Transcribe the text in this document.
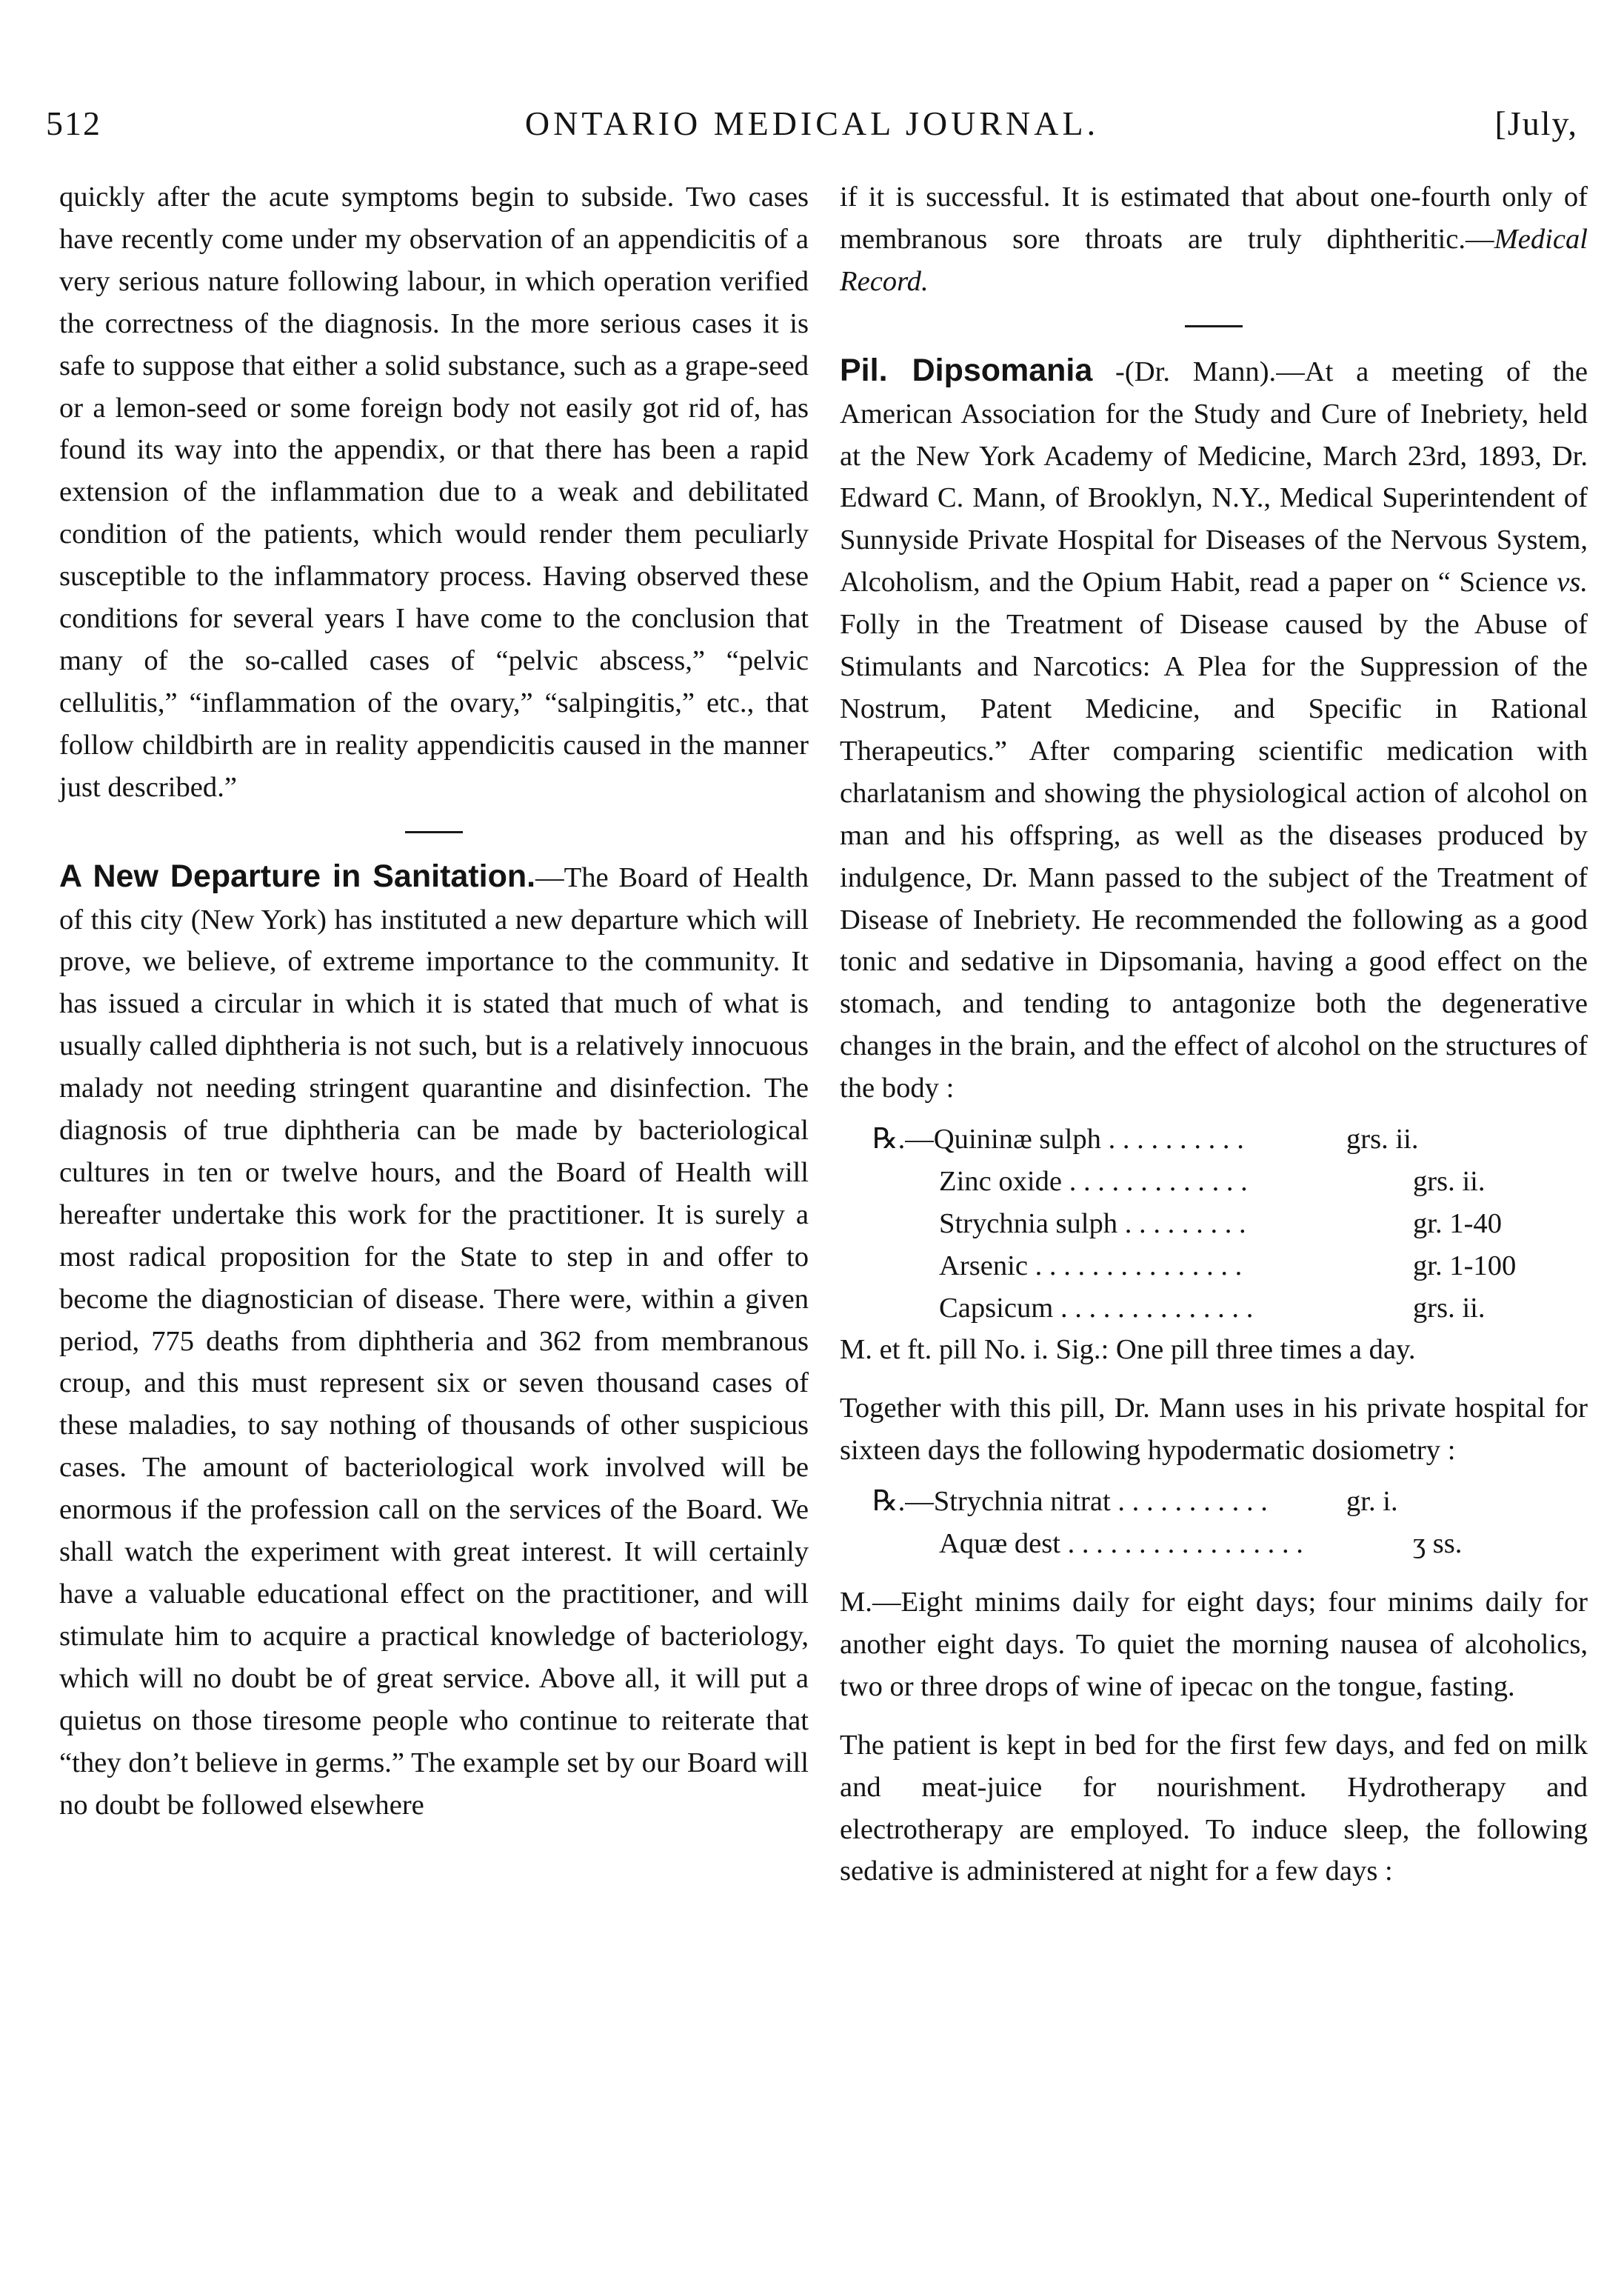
512	ONTARIO MEDICAL JOURNAL.	[July,

quickly after the acute symptoms begin to subside. Two cases have recently come under my observation of an appendicitis of a very serious nature following labour, in which operation verified the correctness of the diagnosis. In the more serious cases it is safe to suppose that either a solid substance, such as a grape-seed or a lemon-seed or some foreign body not easily got rid of, has found its way into the appendix, or that there has been a rapid extension of the inflammation due to a weak and debilitated condition of the patients, which would render them peculiarly susceptible to the inflammatory process. Having observed these conditions for several years I have come to the conclusion that many of the so-called cases of “pelvic abscess,” “pelvic cellulitis,” “inflammation of the ovary,” “salpingitis,” etc., that follow childbirth are in reality appendicitis caused in the manner just described.”

A New Departure in Sanitation.—The Board of Health of this city (New York) has instituted a new departure which will prove, we believe, of extreme importance to the community. It has issued a circular in which it is stated that much of what is usually called diphtheria is not such, but is a relatively innocuous malady not needing stringent quarantine and disinfection. The diagnosis of true diphtheria can be made by bacteriological cultures in ten or twelve hours, and the Board of Health will hereafter undertake this work for the practitioner. It is surely a most radical proposition for the State to step in and offer to become the diagnostician of disease. There were, within a given period, 775 deaths from diphtheria and 362 from membranous croup, and this must represent six or seven thousand cases of these maladies, to say nothing of thousands of other suspicious cases. The amount of bacteriological work involved will be enormous if the profession call on the services of the Board. We shall watch the experiment with great interest. It will certainly have a valuable educational effect on the practitioner, and will stimulate him to acquire a practical knowledge of bacteriology, which will no doubt be of great service. Above all, it will put a quietus on those tiresome people who continue to reiterate that “they don’t believe in germs.” The example set by our Board will no doubt be followed elsewhere

if it is successful. It is estimated that about one-fourth only of membranous sore throats are truly diphtheritic.—Medical Record.

Pil. Dipsomania -(Dr. Mann).—At a meeting of the American Association for the Study and Cure of Inebriety, held at the New York Academy of Medicine, March 23rd, 1893, Dr. Edward C. Mann, of Brooklyn, N.Y., Medical Superintendent of Sunnyside Private Hospital for Diseases of the Nervous System, Alcoholism, and the Opium Habit, read a paper on “ Science vs. Folly in the Treatment of Disease caused by the Abuse of Stimulants and Narcotics: A Plea for the Suppression of the Nostrum, Patent Medicine, and Specific in Rational Therapeutics.” After comparing scientific medication with charlatanism and showing the physiological action of alcohol on man and his offspring, as well as the diseases produced by indulgence, Dr. Mann passed to the subject of the Treatment of Disease of Inebriety. He recommended the following as a good tonic and sedative in Dipsomania, having a good effect on the stomach, and tending to antagonize both the degenerative changes in the brain, and the effect of alcohol on the structures of the body :

℞.—Quininæ sulph . . . . . . . . . .	grs. ii.
Zinc oxide . . . . . . . . . . . . .	grs. ii.
Strychnia sulph . . . . . . . . .	gr. 1-40
Arsenic . . . . . . . . . . . . . . .	gr. 1-100
Capsicum . . . . . . . . . . . . . .	grs. ii.

M. et ft. pill No. i. Sig.: One pill three times a day.

Together with this pill, Dr. Mann uses in his private hospital for sixteen days the following hypodermatic dosiometry :

℞.—Strychnia nitrat . . . . . . . . . . .	gr. i.
Aquæ dest . . . . . . . . . . . . . . . . .	ʒ ss.

M.—Eight minims daily for eight days; four minims daily for another eight days. To quiet the morning nausea of alcoholics, two or three drops of wine of ipecac on the tongue, fasting.

The patient is kept in bed for the first few days, and fed on milk and meat-juice for nourishment. Hydrotherapy and electrotherapy are employed. To induce sleep, the following sedative is administered at night for a few days :
